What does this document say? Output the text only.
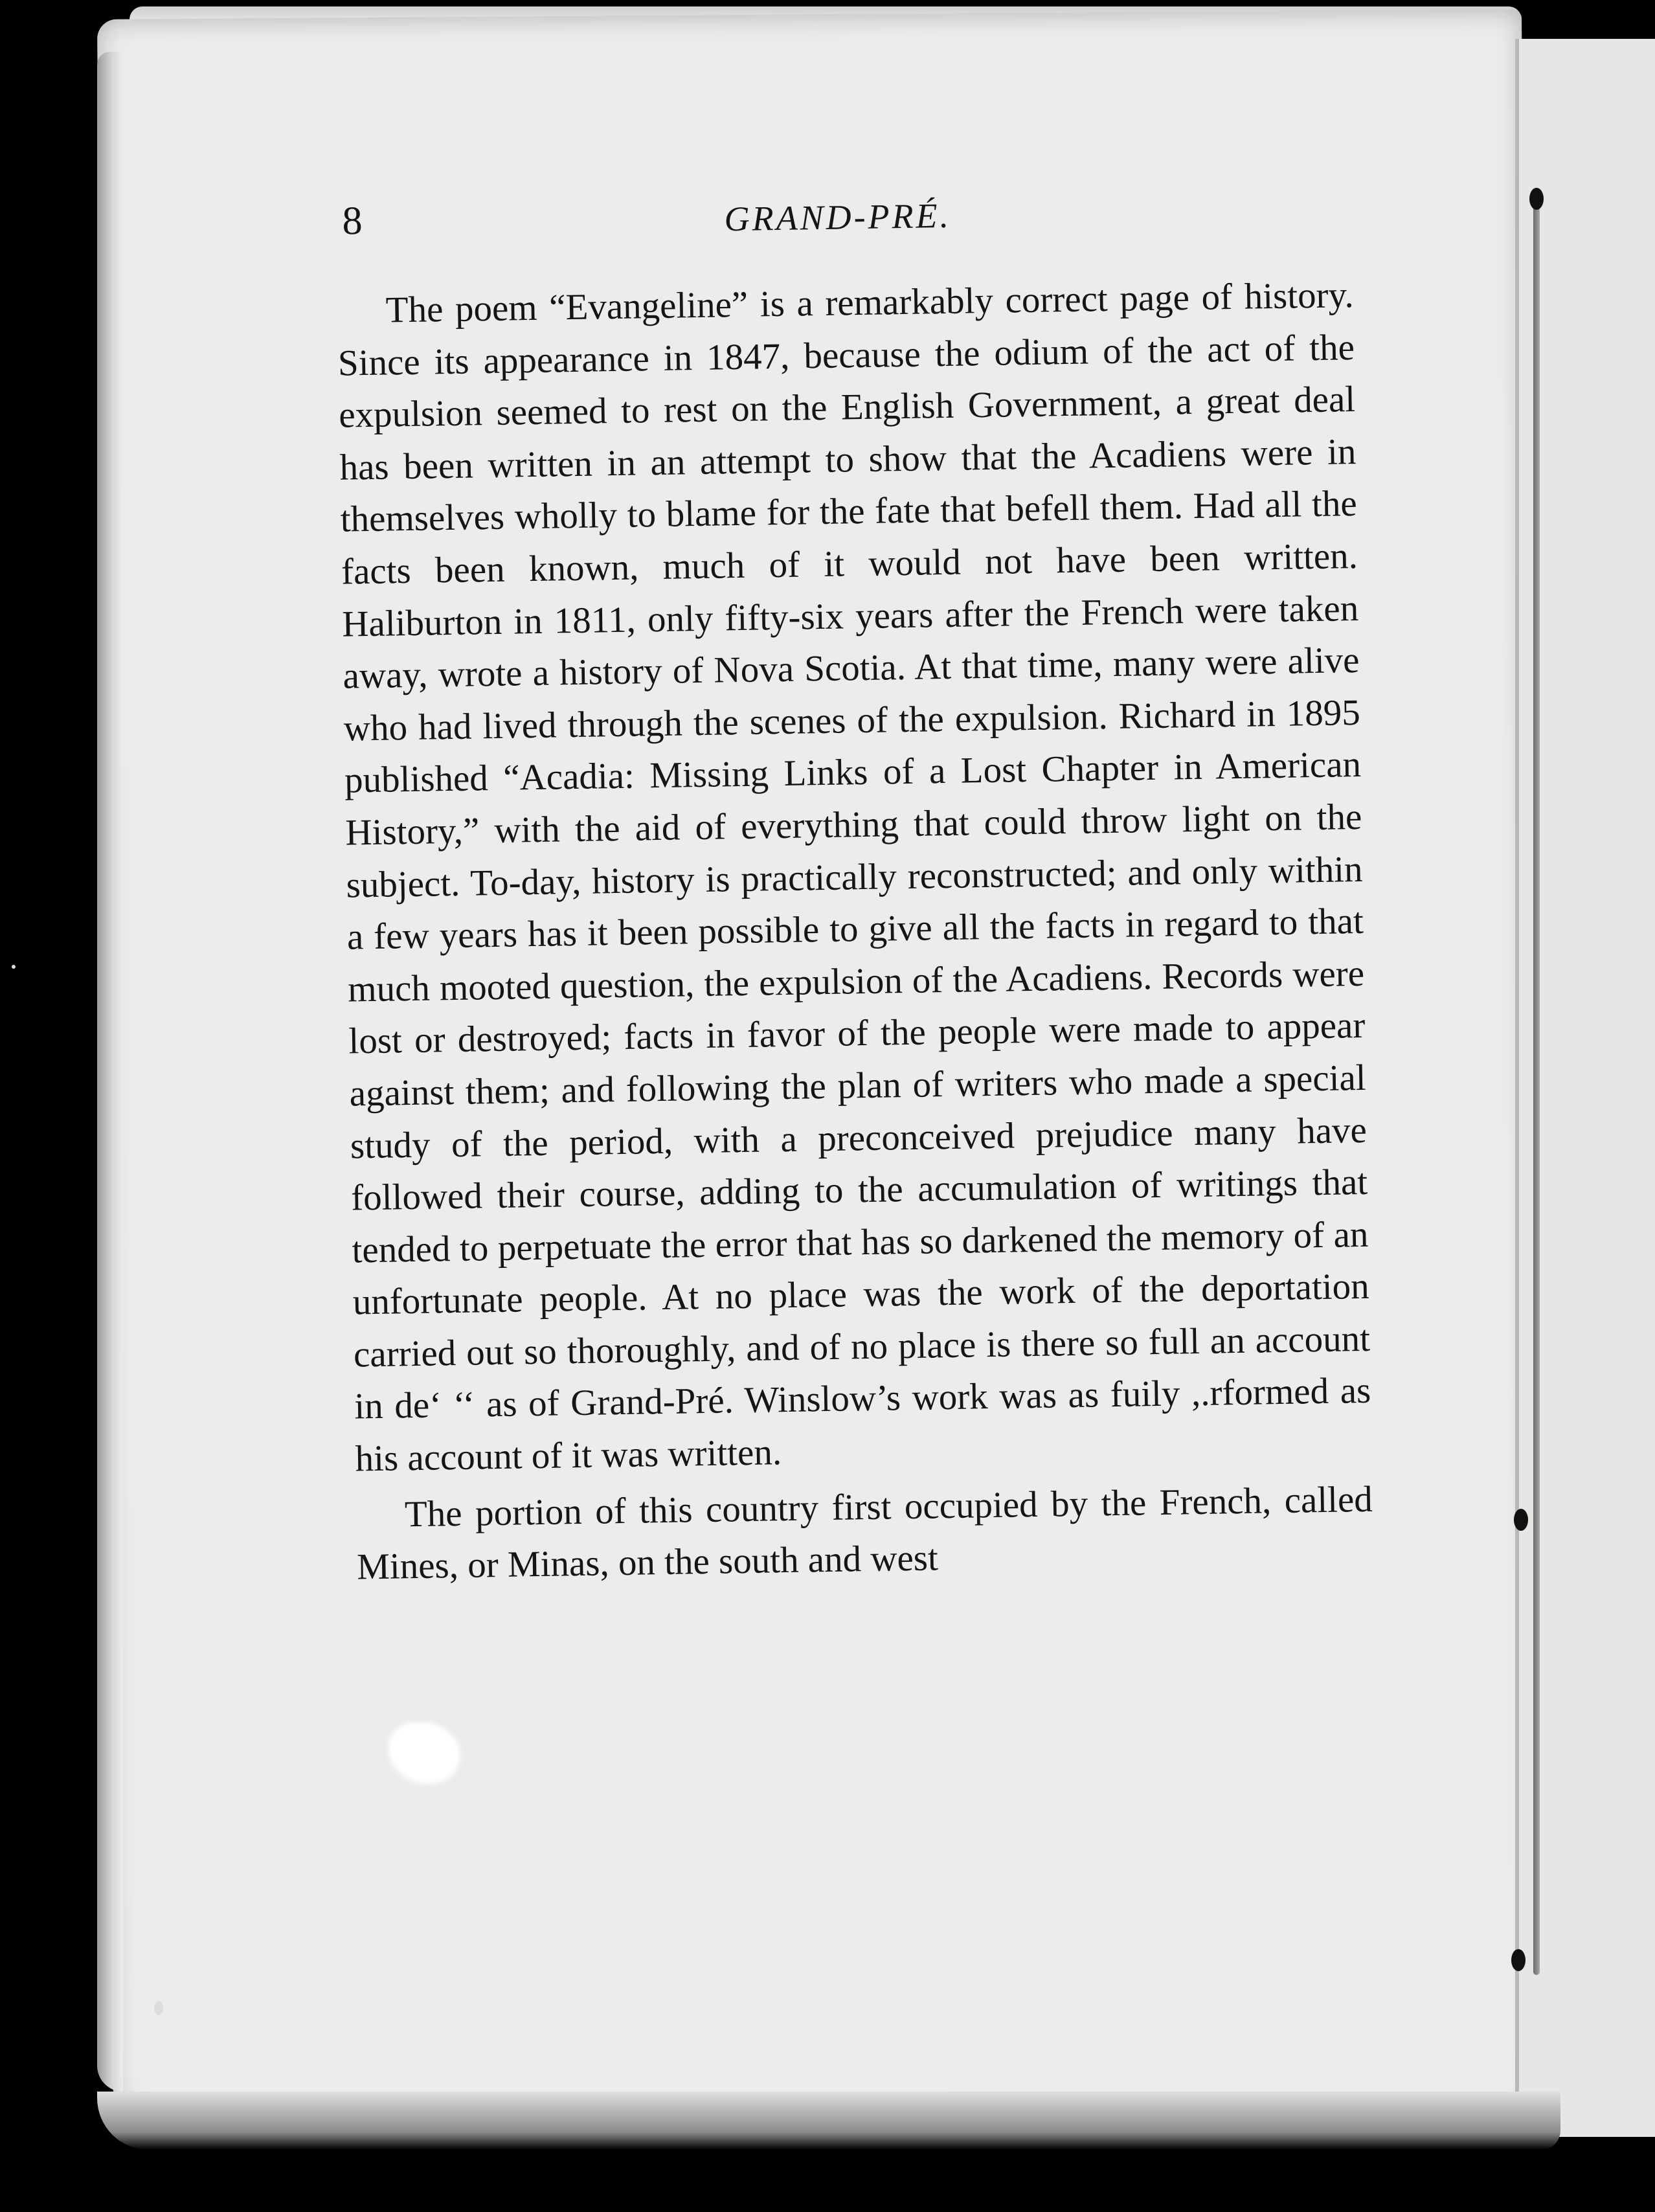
8	GRAND-PRÉ.

The poem “Evangeline” is a remarkably correct page of history. Since its appearance in 1847, because the odium of the act of the expulsion seemed to rest on the English Government, a great deal has been written in an attempt to show that the Acadiens were in themselves wholly to blame for the fate that befell them. Had all the facts been known, much of it would not have been written. Haliburton in 1811, only fifty-six years after the French were taken away, wrote a history of Nova Scotia. At that time, many were alive who had lived through the scenes of the expulsion. Richard in 1895 published “Acadia: Missing Links of a Lost Chapter in American History,” with the aid of everything that could throw light on the subject. To-day, history is practically reconstructed; and only within a few years has it been possible to give all the facts in regard to that much mooted question, the expulsion of the Acadiens. Records were lost or destroyed; facts in favor of the people were made to appear against them; and following the plan of writers who made a special study of the period, with a preconceived prejudice many have followed their course, adding to the accumulation of writings that tended to perpetuate the error that has so darkened the memory of an unfortunate people. At no place was the work of the deportation carried out so thoroughly, and of no place is there so full an account in de‘ ‘‘ as of Grand-Pré. Winslow’s work was as fuily ,.rformed as his account of it was written.

The portion of this country first occupied by the French, called Mines, or Minas, on the south and west
